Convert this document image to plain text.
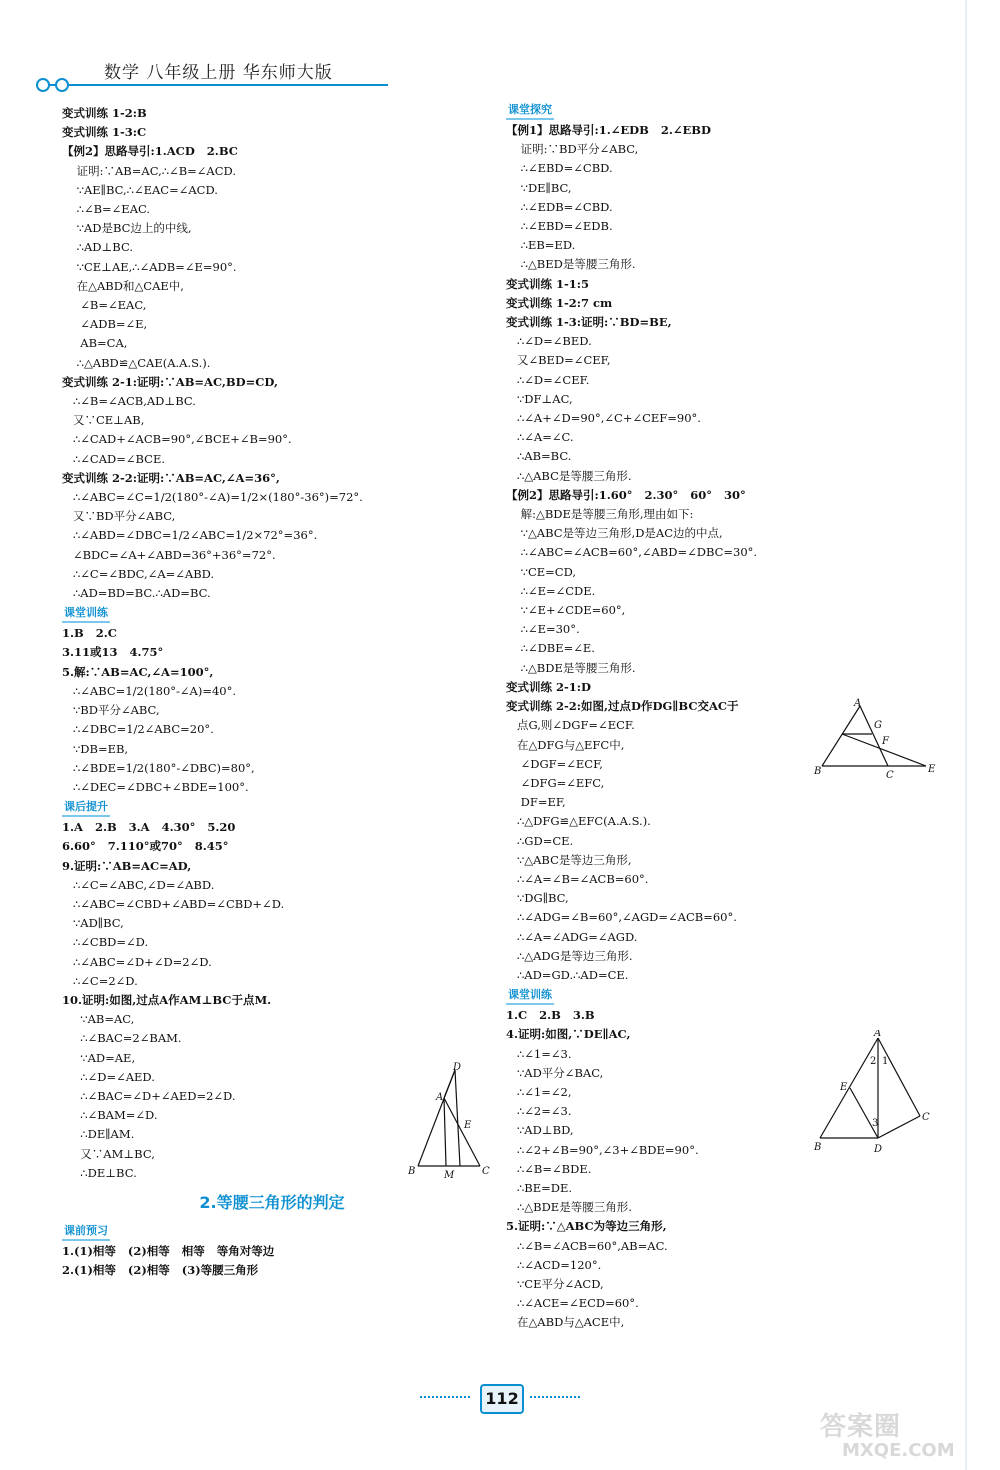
数学 八年级上册 华东师大版
变式训练 1-2:B
变式训练 1-3:C
【例2】思路导引:1.ACD   2.BC
证明:∵AB=AC,∴∠B=∠ACD.
∵AE∥BC,∴∠EAC=∠ACD.
∴∠B=∠EAC.
∵AD是BC边上的中线,
∴AD⊥BC.
∵CE⊥AE,∴∠ADB=∠E=90°.
在△ABD和△CAE中,
∠B=∠EAC,
∠ADB=∠E,
AB=CA,
∴△ABD≌△CAE(A.A.S.).
变式训练 2-1:证明:∵AB=AC,BD=CD,
∴∠B=∠ACB,AD⊥BC.
又∵CE⊥AB,
∴∠CAD+∠ACB=90°,∠BCE+∠B=90°.
∴∠CAD=∠BCE.
变式训练 2-2:证明:∵AB=AC,∠A=36°,
∴∠ABC=∠C=1/2(180°-∠A)=1/2×(180°-36°)=72°.
又∵BD平分∠ABC,
∴∠ABD=∠DBC=1/2∠ABC=1/2×72°=36°.
∠BDC=∠A+∠ABD=36°+36°=72°.
∴∠C=∠BDC,∠A=∠ABD.
∴AD=BD=BC.∴AD=BC.
课堂训练
1.B   2.C
3.11或13   4.75°
5.解:∵AB=AC,∠A=100°,
∴∠ABC=1/2(180°-∠A)=40°.
∵BD平分∠ABC,
∴∠DBC=1/2∠ABC=20°.
∵DB=EB,
∴∠BDE=1/2(180°-∠DBC)=80°,
∴∠DEC=∠DBC+∠BDE=100°.
课后提升
1.A   2.B   3.A   4.30°   5.20
6.60°   7.110°或70°   8.45°
9.证明:∵AB=AC=AD,
∴∠C=∠ABC,∠D=∠ABD.
∴∠ABC=∠CBD+∠ABD=∠CBD+∠D.
∵AD∥BC,
∴∠CBD=∠D.
∴∠ABC=∠D+∠D=2∠D.
∴∠C=2∠D.
10.证明:如图,过点A作AM⊥BC于点M.
∵AB=AC,
∴∠BAC=2∠BAM.
∵AD=AE,
∴∠D=∠AED.
∴∠BAC=∠D+∠AED=2∠D.
∴∠BAM=∠D.
∴DE∥AM.
又∵AM⊥BC,
∴DE⊥BC.
2.等腰三角形的判定
课前预习
1.(1)相等   (2)相等   相等   等角对等边
2.(1)相等   (2)相等   (3)等腰三角形
课堂探究
【例1】思路导引:1.∠EDB   2.∠EBD
证明:∵BD平分∠ABC,
∴∠EBD=∠CBD.
∵DE∥BC,
∴∠EDB=∠CBD.
∴∠EBD=∠EDB.
∴EB=ED.
∴△BED是等腰三角形.
变式训练 1-1:5
变式训练 1-2:7 cm
变式训练 1-3:证明:∵BD=BE,
∴∠D=∠BED.
又∠BED=∠CEF,
∴∠D=∠CEF.
∵DF⊥AC,
∴∠A+∠D=90°,∠C+∠CEF=90°.
∴∠A=∠C.
∴AB=BC.
∴△ABC是等腰三角形.
【例2】思路导引:1.60°   2.30°   60°   30°
解:△BDE是等腰三角形,理由如下:
∵△ABC是等边三角形,D是AC边的中点,
∴∠ABC=∠ACB=60°,∠ABD=∠DBC=30°.
∵CE=CD,
∴∠E=∠CDE.
∵∠E+∠CDE=60°,
∴∠E=30°.
∴∠DBE=∠E.
∴△BDE是等腰三角形.
变式训练 2-1:D
变式训练 2-2:如图,过点D作DG∥BC交AC于
点G,则∠DGF=∠ECF.
在△DFG与△EFC中,
∠DGF=∠ECF,
∠DFG=∠EFC,
DF=EF,
∴△DFG≌△EFC(A.A.S.).
∴GD=CE.
∵△ABC是等边三角形,
∴∠A=∠B=∠ACB=60°.
∵DG∥BC,
∴∠ADG=∠B=60°,∠AGD=∠ACB=60°.
∴∠A=∠ADG=∠AGD.
∴△ADG是等边三角形.
∴AD=GD.∴AD=CE.
课堂训练
1.C   2.B   3.B
4.证明:如图,∵DE∥AC,
∴∠1=∠3.
∵AD平分∠BAC,
∴∠1=∠2,
∴∠2=∠3.
∵AD⊥BD,
∴∠2+∠B=90°,∠3+∠BDE=90°.
∴∠B=∠BDE.
∴BE=DE.
∴△BDE是等腰三角形.
5.证明:∵△ABC为等边三角形,
∴∠B=∠ACB=60°,AB=AC.
∴∠ACD=120°.
∵CE平分∠ACD,
∴∠ACE=∠ECD=60°.
在△ABD与△ACE中,
D
A
E
B	M	C
A
G
F
B	C
E
A
2 1
E
3
C
B	D
112
答案圈
MXQE.COM
